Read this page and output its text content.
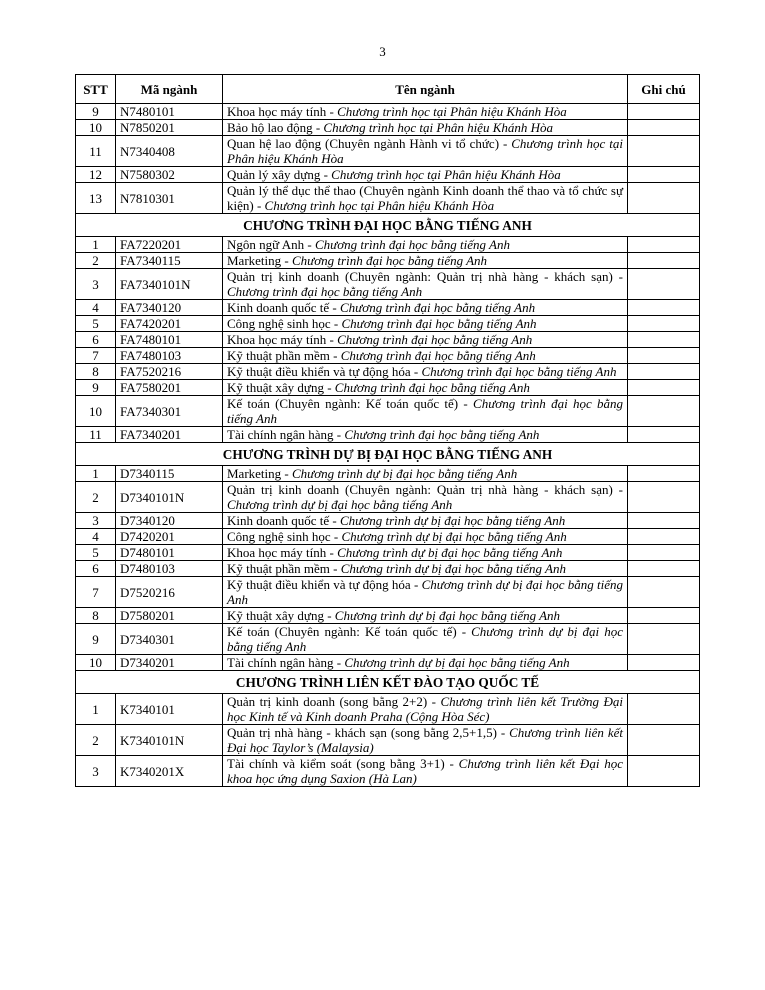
3
STT	Mã ngành	Tên ngành	Ghi chú
9	N7480101	Khoa học máy tính - Chương trình học tại Phân hiệu Khánh Hòa	
10	N7850201	Bảo hộ lao động - Chương trình học tại Phân hiệu Khánh Hòa	
11	N7340408	Quan hệ lao động (Chuyên ngành Hành vi tổ chức) - Chương trình học tại Phân hiệu Khánh Hòa	
12	N7580302	Quản lý xây dựng - Chương trình học tại Phân hiệu Khánh Hòa	
13	N7810301	Quản lý thể dục thể thao (Chuyên ngành Kinh doanh thể thao và tổ chức sự kiện) - Chương trình học tại Phân hiệu Khánh Hòa	
CHƯƠNG TRÌNH ĐẠI HỌC BẰNG TIẾNG ANH			
1	FA7220201	Ngôn ngữ Anh - Chương trình đại học bằng tiếng Anh	
2	FA7340115	Marketing - Chương trình đại học bằng tiếng Anh	
3	FA7340101N	Quản trị kinh doanh (Chuyên ngành: Quản trị nhà hàng - khách sạn) - Chương trình đại học bằng tiếng Anh	
4	FA7340120	Kinh doanh quốc tế - Chương trình đại học bằng tiếng Anh	
5	FA7420201	Công nghệ sinh học - Chương trình đại học bằng tiếng Anh	
6	FA7480101	Khoa học máy tính - Chương trình đại học bằng tiếng Anh	
7	FA7480103	Kỹ thuật phần mềm - Chương trình đại học bằng tiếng Anh	
8	FA7520216	Kỹ thuật điều khiển và tự động hóa - Chương trình đại học bằng tiếng Anh	
9	FA7580201	Kỹ thuật xây dựng - Chương trình đại học bằng tiếng Anh	
10	FA7340301	Kế toán (Chuyên ngành: Kế toán quốc tế) - Chương trình đại học bằng tiếng Anh	
11	FA7340201	Tài chính ngân hàng - Chương trình đại học bằng tiếng Anh	
CHƯƠNG TRÌNH DỰ BỊ ĐẠI HỌC BẰNG TIẾNG ANH			
1	D7340115	Marketing - Chương trình dự bị đại học bằng tiếng Anh	
2	D7340101N	Quản trị kinh doanh (Chuyên ngành: Quản trị nhà hàng - khách sạn) - Chương trình dự bị đại học bằng tiếng Anh	
3	D7340120	Kinh doanh quốc tế - Chương trình dự bị đại học bằng tiếng Anh	
4	D7420201	Công nghệ sinh học - Chương trình dự bị đại học bằng tiếng Anh	
5	D7480101	Khoa học máy tính - Chương trình dự bị đại học bằng tiếng Anh	
6	D7480103	Kỹ thuật phần mềm - Chương trình dự bị đại học bằng tiếng Anh	
7	D7520216	Kỹ thuật điều khiển và tự động hóa - Chương trình dự bị đại học bằng tiếng Anh	
8	D7580201	Kỹ thuật xây dựng - Chương trình dự bị đại học bằng tiếng Anh	
9	D7340301	Kế toán (Chuyên ngành: Kế toán quốc tế) - Chương trình dự bị đại học bằng tiếng Anh	
10	D7340201	Tài chính ngân hàng - Chương trình dự bị đại học bằng tiếng Anh	
CHƯƠNG TRÌNH LIÊN KẾT ĐÀO TẠO QUỐC TẾ			
1	K7340101	Quản trị kinh doanh (song bằng 2+2) - Chương trình liên kết Trường Đại học Kinh tế và Kinh doanh Praha (Cộng Hòa Séc)	
2	K7340101N	Quản trị nhà hàng - khách sạn (song bằng 2,5+1,5) - Chương trình liên kết Đại học Taylor’s (Malaysia)	
3	K7340201X	Tài chính và kiểm soát (song bằng 3+1) - Chương trình liên kết Đại học khoa học ứng dụng Saxion (Hà Lan)	
